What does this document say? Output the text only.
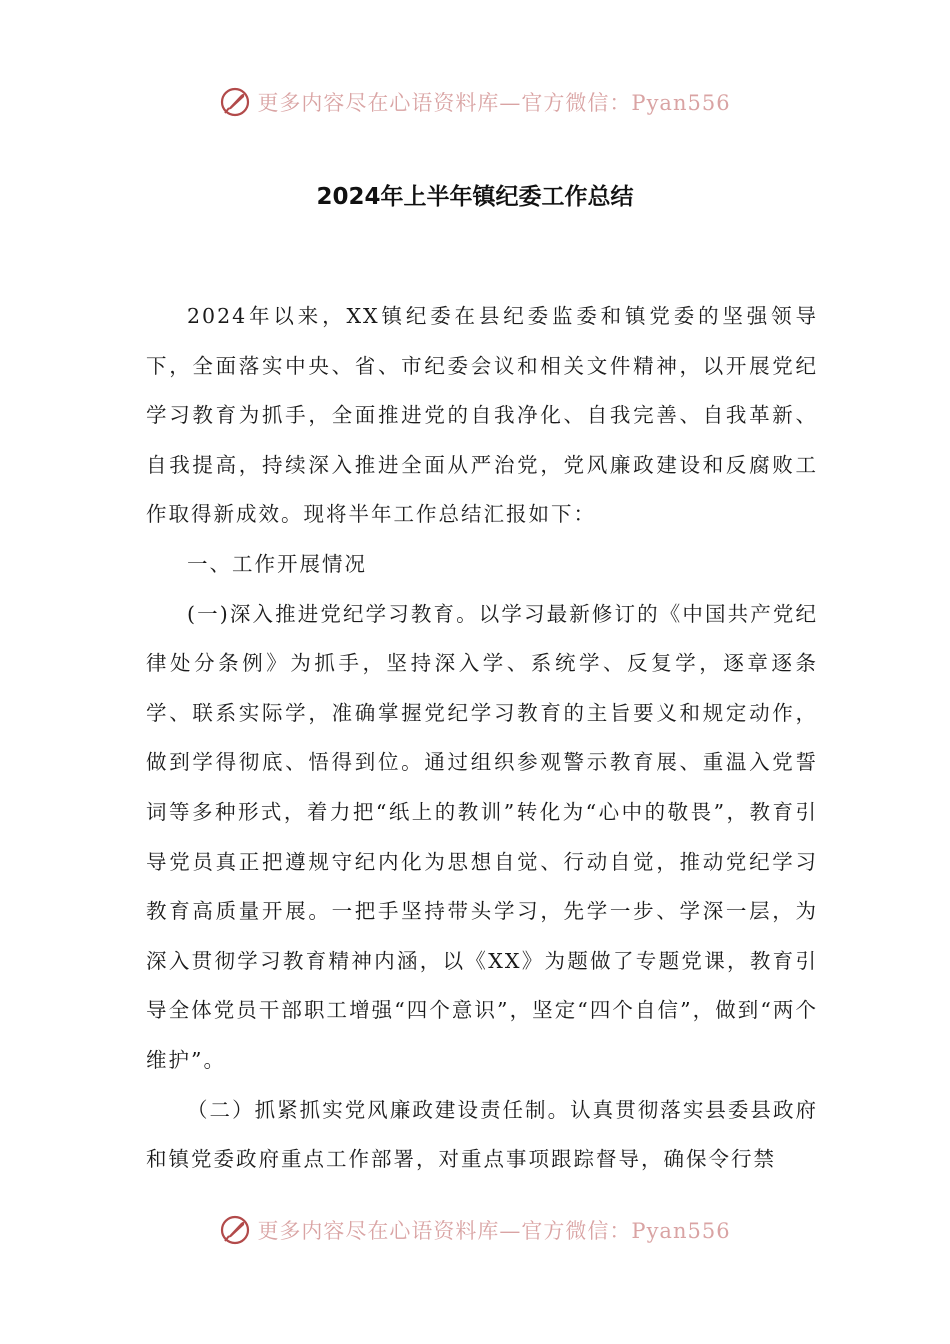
更多内容尽在心语资料库—官方微信：Pyan556
2024年上半年镇纪委工作总结

2024年以来，XX镇纪委在县纪委监委和镇党委的坚强领导下，全面落实中央、省、市纪委会议和相关文件精神，以开展党纪学习教育为抓手，全面推进党的自我净化、自我完善、自我革新、自我提高，持续深入推进全面从严治党，党风廉政建设和反腐败工作取得新成效。现将半年工作总结汇报如下：

一、工作开展情况

(一)深入推进党纪学习教育。以学习最新修订的《中国共产党纪律处分条例》为抓手，坚持深入学、系统学、反复学，逐章逐条学、联系实际学，准确掌握党纪学习教育的主旨要义和规定动作，做到学得彻底、悟得到位。通过组织参观警示教育展、重温入党誓词等多种形式，着力把“纸上的教训”转化为“心中的敬畏”，教育引导党员真正把遵规守纪内化为思想自觉、行动自觉，推动党纪学习教育高质量开展。一把手坚持带头学习，先学一步、学深一层，为深入贯彻学习教育精神内涵，以《XX》为题做了专题党课，教育引导全体党员干部职工增强“四个意识”，坚定“四个自信”，做到“两个维护”。

（二）抓紧抓实党风廉政建设责任制。认真贯彻落实县委县政府和镇党委政府重点工作部署，对重点事项跟踪督导，确保令行禁

更多内容尽在心语资料库—官方微信：Pyan556
